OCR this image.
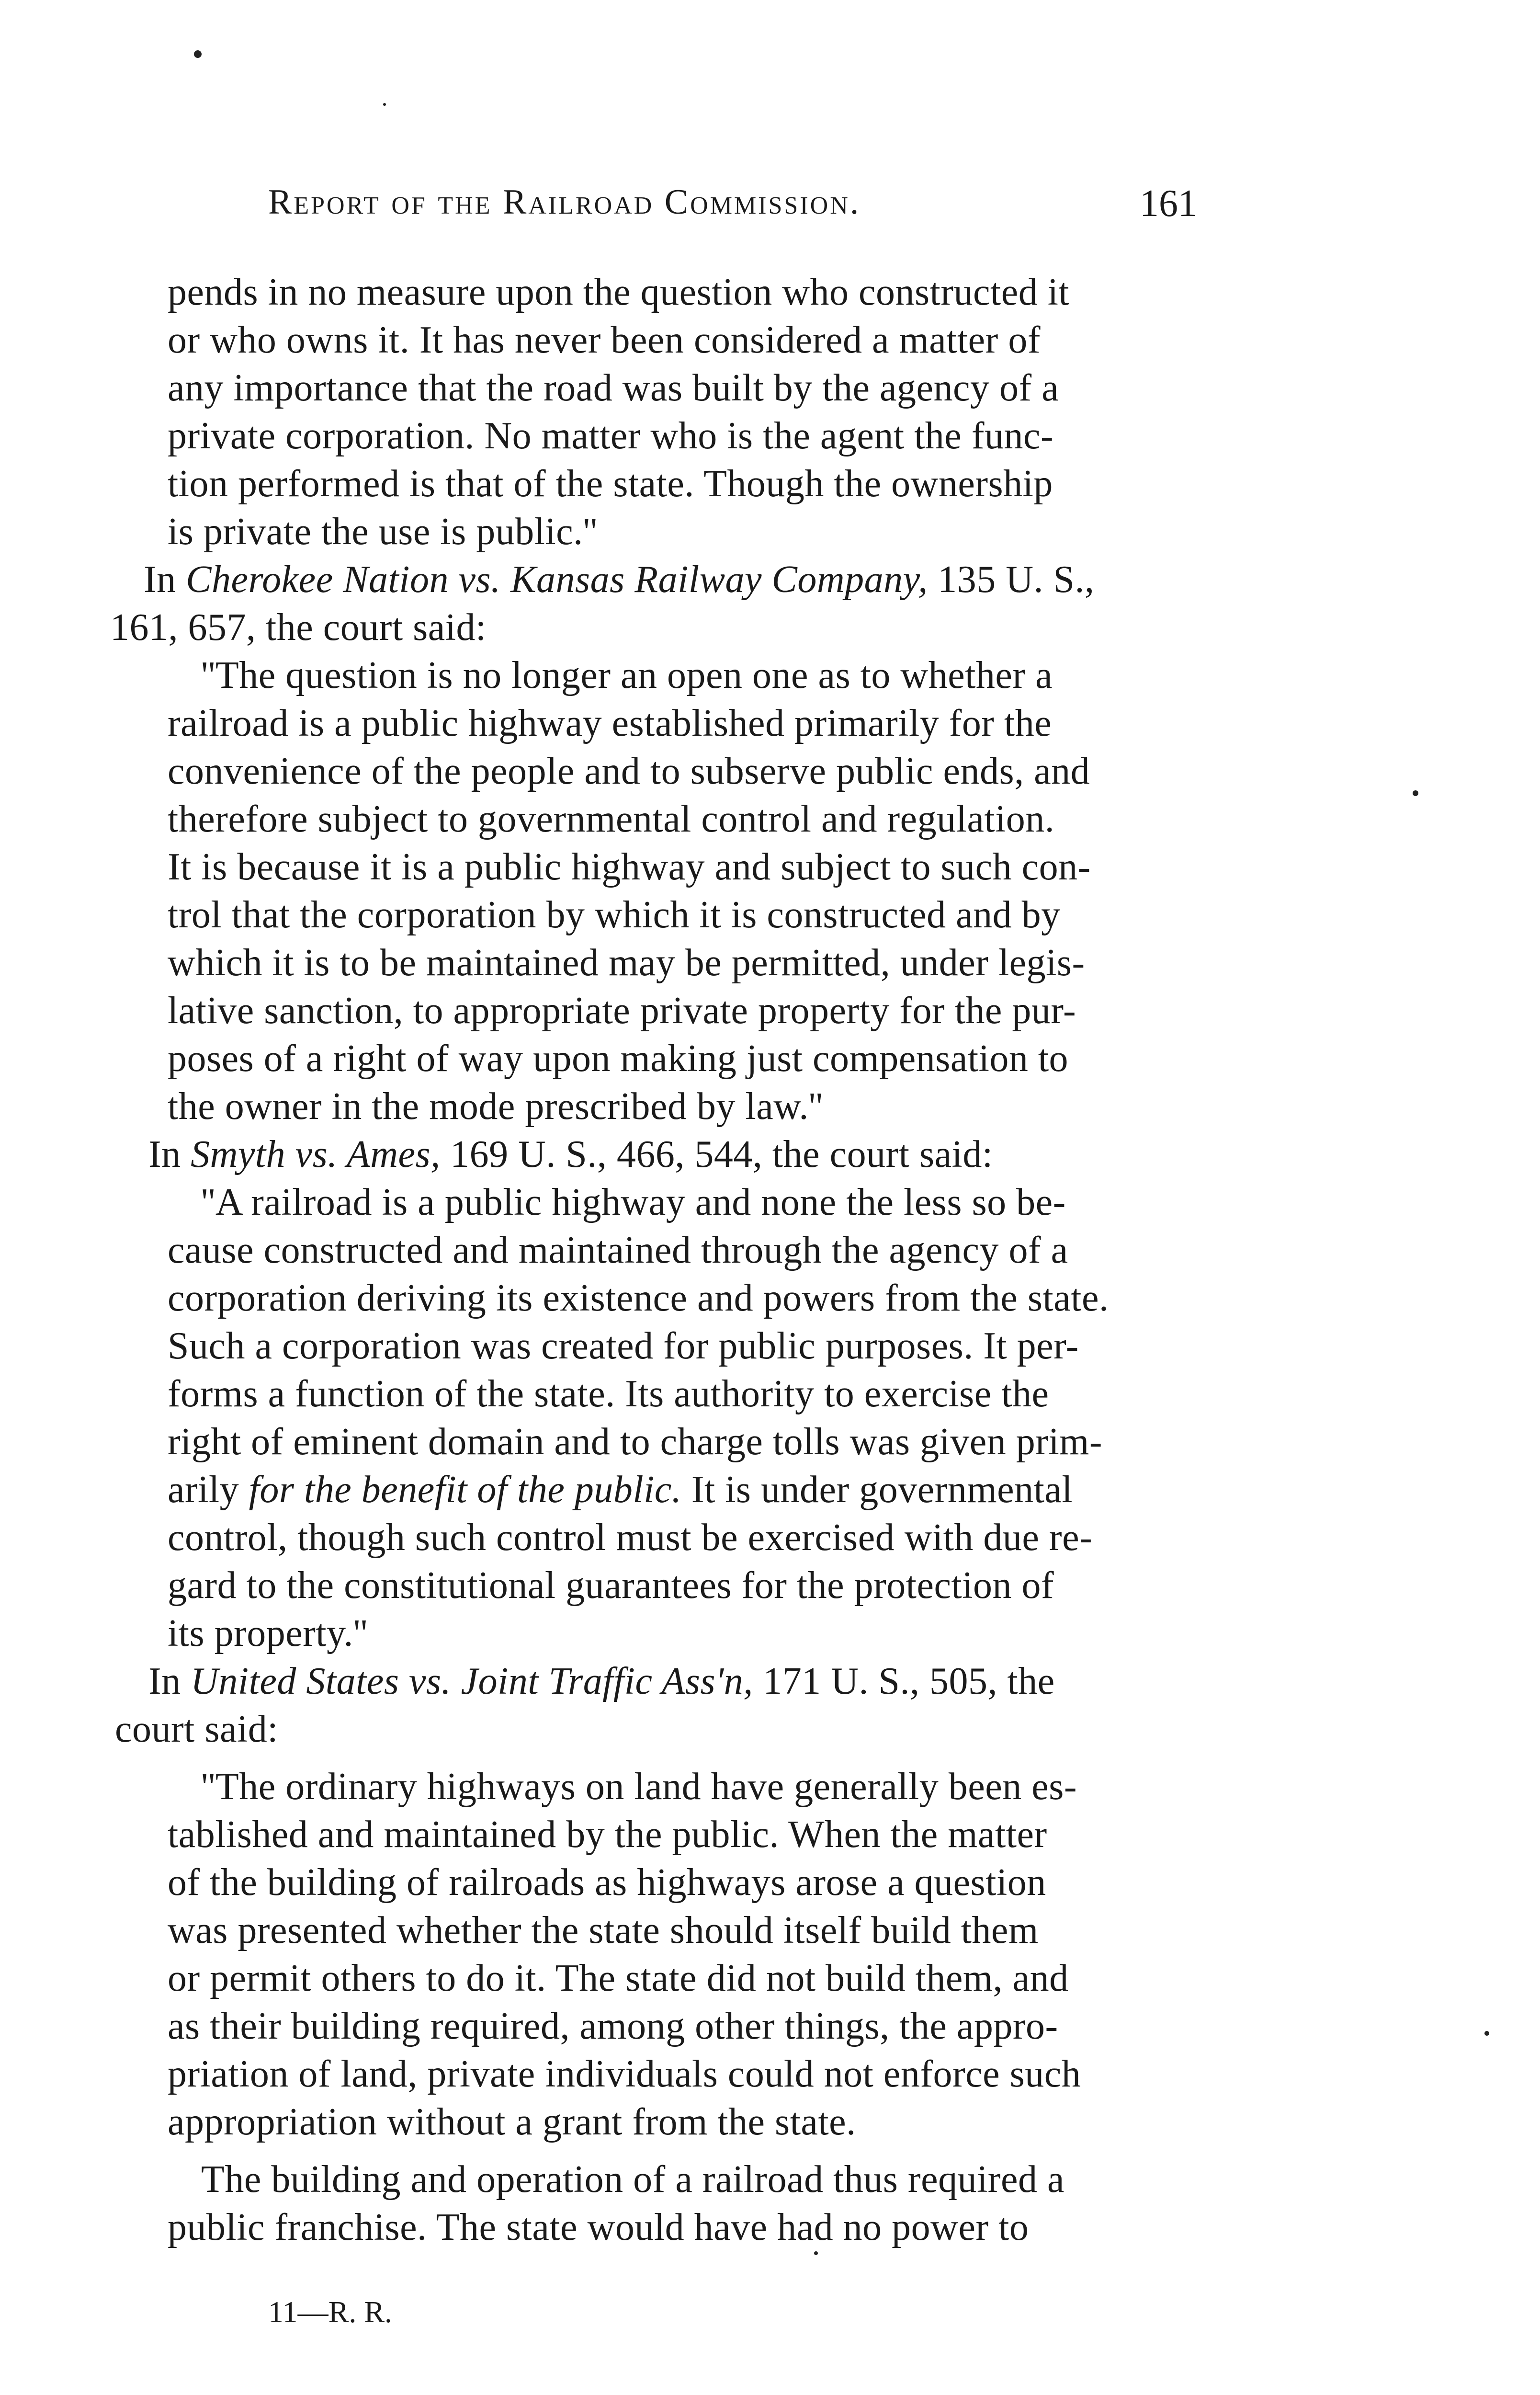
Report of the Railroad Commission.	161
pends in no measure upon the question who constructed it
or who owns it. It has never been considered a matter of
any importance that the road was built by the agency of a
private corporation. No matter who is the agent the func-
tion performed is that of the state. Though the ownership
is private the use is public.''
In Cherokee Nation vs. Kansas Railway Company, 135 U. S.,
161, 657, the court said:
''The question is no longer an open one as to whether a
railroad is a public highway established primarily for the
convenience of the people and to subserve public ends, and
therefore subject to governmental control and regulation.
It is because it is a public highway and subject to such con-
trol that the corporation by which it is constructed and by
which it is to be maintained may be permitted, under legis-
lative sanction, to appropriate private property for the pur-
poses of a right of way upon making just compensation to
the owner in the mode prescribed by law.''
In Smyth vs. Ames, 169 U. S., 466, 544, the court said:
''A railroad is a public highway and none the less so be-
cause constructed and maintained through the agency of a
corporation deriving its existence and powers from the state.
Such a corporation was created for public purposes. It per-
forms a function of the state. Its authority to exercise the
right of eminent domain and to charge tolls was given prim-
arily for the benefit of the public. It is under governmental
control, though such control must be exercised with due re-
gard to the constitutional guarantees for the protection of
its property.''
In United States vs. Joint Traffic Ass'n, 171 U. S., 505, the
court said:
''The ordinary highways on land have generally been es-
tablished and maintained by the public. When the matter
of the building of railroads as highways arose a question
was presented whether the state should itself build them
or permit others to do it. The state did not build them, and
as their building required, among other things, the appro-
priation of land, private individuals could not enforce such
appropriation without a grant from the state.
The building and operation of a railroad thus required a
public franchise. The state would have had no power to
11—R. R.
